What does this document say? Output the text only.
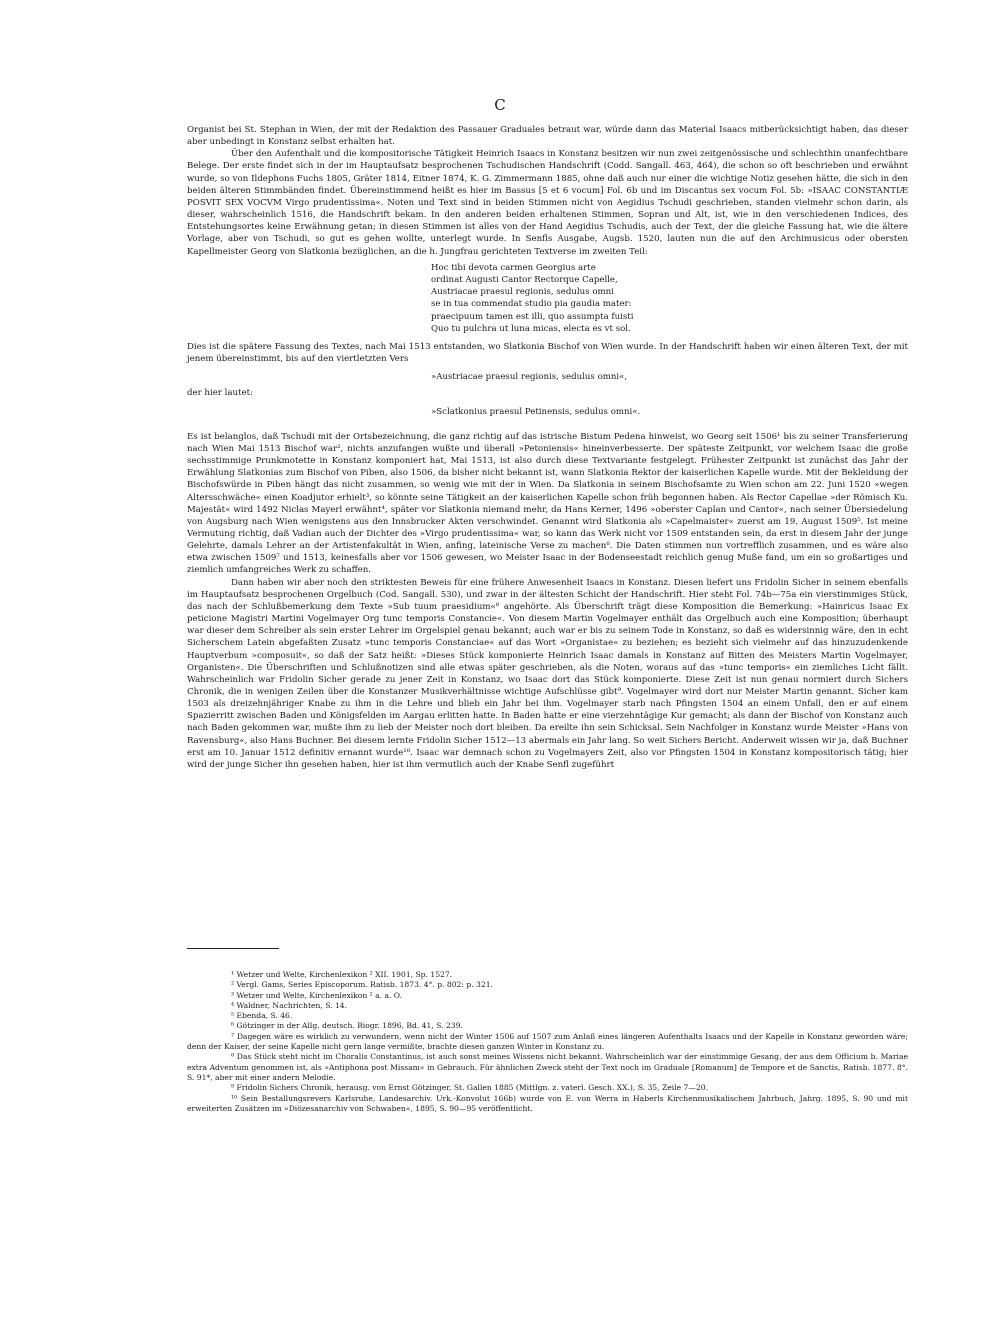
C

Organist bei St. Stephan in Wien, der mit der Redaktion des Passauer Graduales betraut war, würde dann das Material Isaacs mitberücksichtigt haben, das dieser aber unbedingt in Konstanz selbst erhalten hat.

Über den Aufenthalt und die kompositorische Tätigkeit Heinrich Isaacs in Konstanz besitzen wir nun zwei zeitgenössische und schlechthin unanfechtbare Belege. Der erste findet sich in der im Hauptaufsatz besprochenen Tschudischen Handschrift (Codd. Sangall. 463, 464), die schon so oft beschrieben und erwähnt wurde, so von Ildephons Fuchs 1805, Gräter 1814, Eitner 1874, K. G. Zimmermann 1885, ohne daß auch nur einer die wichtige Notiz gesehen hätte, die sich in den beiden älteren Stimmbänden findet. Übereinstimmend heißt es hier im Bassus [5 et 6 vocum] Fol. 6b und im Discantus sex vocum Fol. 5b: »ISAAC CONSTANTIÆ POSVIT SEX VOCVM Virgo prudentissima«. Noten und Text sind in beiden Stimmen nicht von Aegidius Tschudi geschrieben, standen vielmehr schon darin, als dieser, wahrscheinlich 1516, die Handschrift bekam. In den anderen beiden erhaltenen Stimmen, Sopran und Alt, ist, wie in den verschiedenen Indices, des Entstehungsortes keine Erwähnung getan; in diesen Stimmen ist alles von der Hand Aegidius Tschudis, auch der Text, der die gleiche Fassung hat, wie die ältere Vorlage, aber von Tschudi, so gut es gehen wollte, unterlegt wurde. In Senfls Ausgabe, Augsb. 1520, lauten nun die auf den Archimusicus oder obersten Kapellmeister Georg von Slatkonia bezüglichen, an die h. Jungfrau gerichteten Textverse im zweiten Teil:

Hoc tibi devota carmen Georgius arte
ordinat Augusti Cantor Rectorque Capelle,
Austriacae praesul regionis, sedulus omni
se in tua commendat studio pia gaudia mater:
praecipuum tamen est illi, quo assumpta fuisti
Quo tu pulchra ut luna micas, electa es vt sol.

Dies ist die spätere Fassung des Textes, nach Mai 1513 entstanden, wo Slatkonia Bischof von Wien wurde. In der Handschrift haben wir einen älteren Text, der mit jenem übereinstimmt, bis auf den viertletzten Vers

»Austriacae praesul regionis, sedulus omni«,

der hier lautet:

»Sclatkonius praesul Petinensis, sedulus omni«.

Es ist belanglos, daß Tschudi mit der Ortsbezeichnung, die ganz richtig auf das istrische Bistum Pedena hinweist, wo Georg seit 1506¹ bis zu seiner Transferierung nach Wien Mai 1513 Bischof war², nichts anzufangen wußte und überall »Petoniensis« hineinverbesserte. Der späteste Zeitpunkt, vor welchem Isaac die große sechsstimmige Prunkmotette in Konstanz komponiert hat, Mai 1513, ist also durch diese Textvariante festgelegt. Frühester Zeitpunkt ist zunächst das Jahr der Erwählung Slatkonias zum Bischof von Piben, also 1506, da bisher nicht bekannt ist, wann Slatkonia Rektor der kaiserlichen Kapelle wurde. Mit der Bekleidung der Bischofswürde in Piben hängt das nicht zusammen, so wenig wie mit der in Wien. Da Slatkonia in seinem Bischofsamte zu Wien schon am 22. Juni 1520 »wegen Altersschwäche« einen Koadjutor erhielt³, so könnte seine Tätigkeit an der kaiserlichen Kapelle schon früh begonnen haben. Als Rector Capellae »der Römisch Ku. Majestät« wird 1492 Niclas Mayerl erwähnt⁴, später vor Slatkonia niemand mehr, da Hans Kerner, 1496 »oberster Caplan und Cantor«, nach seiner Übersiedelung von Augsburg nach Wien wenigstens aus den Innsbrucker Akten verschwindet. Genannt wird Slatkonia als »Capelmaister« zuerst am 19. August 1509⁵. Ist meine Vermutung richtig, daß Vadian auch der Dichter des »Virgo prudentissima« war, so kann das Werk nicht vor 1509 entstanden sein, da erst in diesem Jahr der junge Gelehrte, damals Lehrer an der Artistenfakultät in Wien, anfing, lateinische Verse zu machen⁶. Die Daten stimmen nun vortrefflich zusammen, und es wäre also etwa zwischen 1509⁷ und 1513, keinesfalls aber vor 1506 gewesen, wo Meister Isaac in der Bodenseestadt reichlich genug Muße fand, um ein so großartiges und ziemlich umfangreiches Werk zu schaffen.

Dann haben wir aber noch den striktesten Beweis für eine frühere Anwesenheit Isaacs in Konstanz. Diesen liefert uns Fridolin Sicher in seinem ebenfalls im Hauptaufsatz besprochenen Orgelbuch (Cod. Sangall. 530), und zwar in der ältesten Schicht der Handschrift. Hier steht Fol. 74b—75a ein vierstimmiges Stück, das nach der Schlußbemerkung dem Texte »Sub tuum praesidium«⁸ angehörte. Als Überschrift trägt diese Komposition die Bemerkung: »Hainricus Isaac Ex peticione Magistri Martini Vogelmayer Org tunc temporis Constancie«. Von diesem Martin Vogelmayer enthält das Orgelbuch auch eine Komposition; überhaupt war dieser dem Schreiber als sein erster Lehrer im Orgelspiel genau bekannt; auch war er bis zu seinem Tode in Konstanz, so daß es widersinnig wäre, den in echt Sicherschem Latein abgefaßten Zusatz »tunc temporis Constanciae« auf das Wort »Organistae« zu beziehen; es bezieht sich vielmehr auf das hinzuzudenkende Hauptverbum »composuit«, so daß der Satz heißt: »Dieses Stück komponierte Heinrich Isaac damals in Konstanz auf Bitten des Meisters Martin Vogelmayer, Organisten«. Die Überschriften und Schlußnotizen sind alle etwas später geschrieben, als die Noten, woraus auf das »tunc temporis« ein ziemliches Licht fällt. Wahrscheinlich war Fridolin Sicher gerade zu jener Zeit in Konstanz, wo Isaac dort das Stück komponierte. Diese Zeit ist nun genau normiert durch Sichers Chronik, die in wenigen Zeilen über die Konstanzer Musikverhältnisse wichtige Aufschlüsse gibt⁹. Vogelmayer wird dort nur Meister Martin genannt. Sicher kam 1503 als dreizehnjähriger Knabe zu ihm in die Lehre und blieb ein Jahr bei ihm. Vogelmayer starb nach Pfingsten 1504 an einem Unfall, den er auf einem Spazierritt zwischen Baden und Königsfelden im Aargau erlitten hatte. In Baden hatte er eine vierzehntägige Kur gemacht; als dann der Bischof von Konstanz auch nach Baden gekommen war, mußte ihm zu lieb der Meister noch dort bleiben. Da ereilte ihn sein Schicksal. Sein Nachfolger in Konstanz wurde Meister »Hans von Ravensburg«, also Hans Buchner. Bei diesem lernte Fridolin Sicher 1512—13 abermals ein Jahr lang. So weit Sichers Bericht. Anderweit wissen wir ja, daß Buchner erst am 10. Januar 1512 definitiv ernannt wurde¹⁰. Isaac war demnach schon zu Vogelmayers Zeit, also vor Pfingsten 1504 in Konstanz kompositorisch tätig; hier wird der junge Sicher ihn gesehen haben, hier ist ihm vermutlich auch der Knabe Senfl zugeführt

¹ Wetzer und Welte, Kirchenlexikon ² XII. 1901, Sp. 1527.

² Vergl. Gams, Series Episcoporum. Ratisb. 1873. 4°. p. 802: p. 321.

³ Wetzer und Welte, Kirchenlexikon ² a. a. O.

⁴ Waldner, Nachrichten, S. 14.

⁵ Ebenda, S. 46.

⁶ Götzinger in der Allg. deutsch. Biogr. 1896, Bd. 41, S. 239.

⁷ Dagegen wäre es wirklich zu verwundern, wenn nicht der Winter 1506 auf 1507 zum Anlaß eines längeren Aufenthalts Isaacs und der Kapelle in Konstanz geworden wäre; denn der Kaiser, der seine Kapelle nicht gern lange vermißte, brachte diesen ganzen Winter in Konstanz zu.

⁸ Das Stück steht nicht im Choralis Constantinus, ist auch sonst meines Wissens nicht bekannt. Wahrscheinlich war der einstimmige Gesang, der aus dem Officium b. Mariae extra Adventum genommen ist, als »Antiphona post Missam« in Gebrauch. Für ähnlichen Zweck steht der Text noch im Graduale [Romanum] de Tempore et de Sanctis, Ratisb. 1877. 8°. S. 91*, aber mit einer andern Melodie.

⁹ Fridolin Sichers Chronik, herausg. von Ernst Götzinger, St. Gallen 1885 (Mittlgn. z. vaterl. Gesch. XX.), S. 35, Zeile 7—20.

¹⁰ Sein Bestallungsrevers Karlsruhe, Landesarchiv. Urk.-Konvolut 166b) wurde von E. von Werra in Haberls Kirchenmusikalischem Jahrbuch, Jahrg. 1895, S. 90 und mit erweiterten Zusätzen im »Diözesanarchiv von Schwaben«, 1895, S. 90—95 veröffentlicht.
